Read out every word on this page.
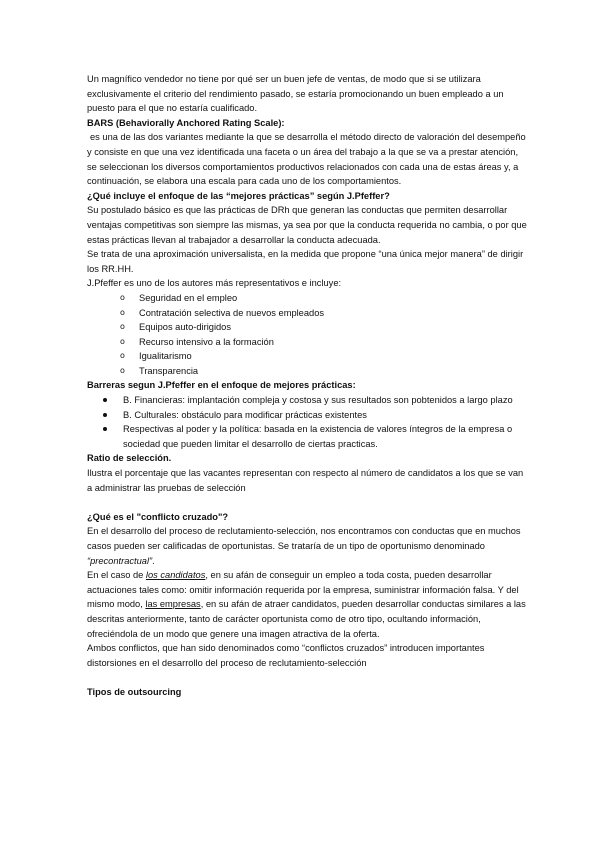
Un magnífico vendedor no tiene por qué ser un buen jefe de ventas, de modo que si se utilizara exclusivamente el criterio del rendimiento pasado, se estaría promocionando un buen empleado a un puesto para el que no estaría cualificado.

BARS (Behaviorally Anchored Rating Scale):

es una de las dos variantes mediante la que se desarrolla el método directo de valoración del desempeño y consiste en que una vez identificada una faceta o un área del trabajo a la que se va a prestar atención, se seleccionan los diversos comportamientos productivos relacionados con cada una de estas áreas y, a continuación, se elabora una escala para cada uno de los comportamientos.

¿Qué incluye el enfoque de las “mejores prácticas” según J.Pfeffer?

Su postulado básico es que las prácticas de DRh que generan las conductas que permiten desarrollar ventajas competitivas son siempre las mismas, ya sea por que la conducta requerida no cambia, o por que estas prácticas llevan al trabajador a desarrollar la conducta adecuada.

Se trata de una aproximación universalista, en la medida que propone “una única mejor manera” de dirigir los RR.HH.

J.Pfeffer es uno de los autores más representativos e incluye:

o Seguridad en el empleo
o Contratación selectiva de nuevos empleados
o Equipos auto-dirigidos
o Recurso intensivo a la formación
o Igualitarismo
o Transparencia

Barreras segun J.Pfeffer en el enfoque de mejores prácticas:

B. Financieras: implantación compleja y costosa y sus resultados son pobtenidos a largo plazo
B. Culturales: obstáculo para modificar prácticas existentes
Respectivas al poder y la política: basada en la existencia de valores íntegros de la empresa o sociedad que pueden limitar el desarrollo de ciertas practicas.

Ratio de selección.

Ilustra el porcentaje que las vacantes representan con respecto al número de candidatos a los que se van a administrar las pruebas de selección

¿Qué es el "conflicto cruzado"?

En el desarrollo del proceso de reclutamiento-selección, nos encontramos con conductas que en muchos casos pueden ser calificadas de oportunistas. Se trataría de un tipo de oportunismo denominado “precontractual”.

En el caso de los candidatos, en su afán de conseguir un empleo a toda costa, pueden desarrollar actuaciones tales como: omitir información requerida por la empresa, suministrar información falsa. Y del mismo modo, las empresas, en su afán de atraer candidatos, pueden desarrollar conductas similares a las descritas anteriormente, tanto de carácter oportunista como de otro tipo, ocultando información, ofreciéndola de un modo que genere una imagen atractiva de la oferta.

Ambos conflictos, que han sido denominados como “conflictos cruzados” introducen importantes distorsiones en el desarrollo del proceso de reclutamiento-selección

Tipos de outsourcing
